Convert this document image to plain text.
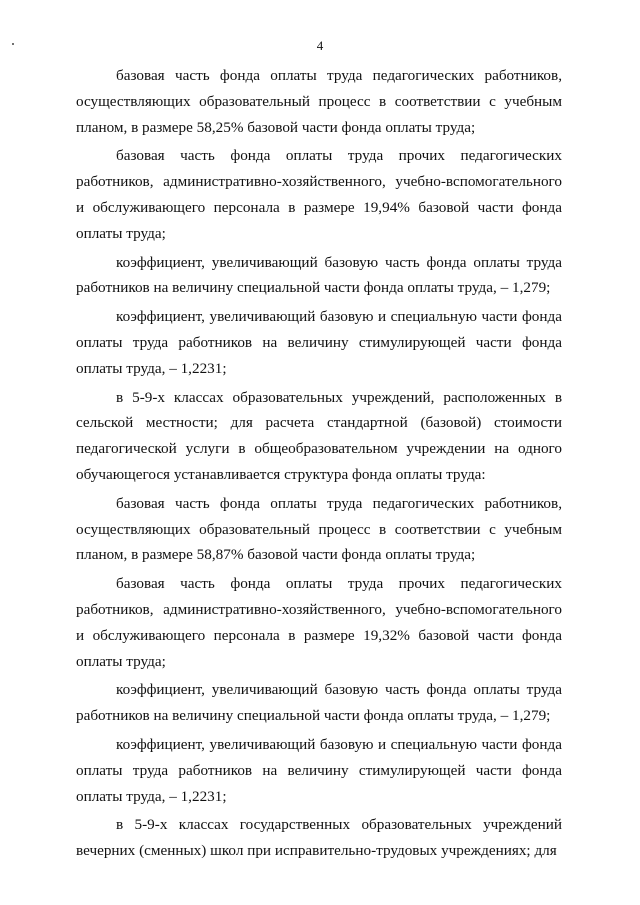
4

базовая часть фонда оплаты труда педагогических работников, осуществляющих образовательный процесс в соответствии с учебным планом, в размере 58,25% базовой части фонда оплаты труда;

базовая часть фонда оплаты труда прочих педагогических работников, административно-хозяйственного, учебно-вспомогательного и обслуживающего персонала в размере 19,94% базовой части фонда оплаты труда;

коэффициент, увеличивающий базовую часть фонда оплаты труда работников на величину специальной части фонда оплаты труда, – 1,279;

коэффициент, увеличивающий базовую и специальную части фонда оплаты труда работников на величину стимулирующей части фонда оплаты труда, – 1,2231;

в 5-9-х классах образовательных учреждений, расположенных в сельской местности; для расчета стандартной (базовой) стоимости педагогической услуги в общеобразовательном учреждении на одного обучающегося устанавливается структура фонда оплаты труда:

базовая часть фонда оплаты труда педагогических работников, осуществляющих образовательный процесс в соответствии с учебным планом, в размере 58,87% базовой части фонда оплаты труда;

базовая часть фонда оплаты труда прочих педагогических работников, административно-хозяйственного, учебно-вспомогательного и обслуживающего персонала в размере 19,32% базовой части фонда оплаты труда;

коэффициент, увеличивающий базовую часть фонда оплаты труда работников на величину специальной части фонда оплаты труда, – 1,279;

коэффициент, увеличивающий базовую и специальную части фонда оплаты труда работников на величину стимулирующей части фонда оплаты труда, – 1,2231;

в 5-9-х классах государственных образовательных учреждений вечерних (сменных) школ при исправительно-трудовых учреждениях; для
